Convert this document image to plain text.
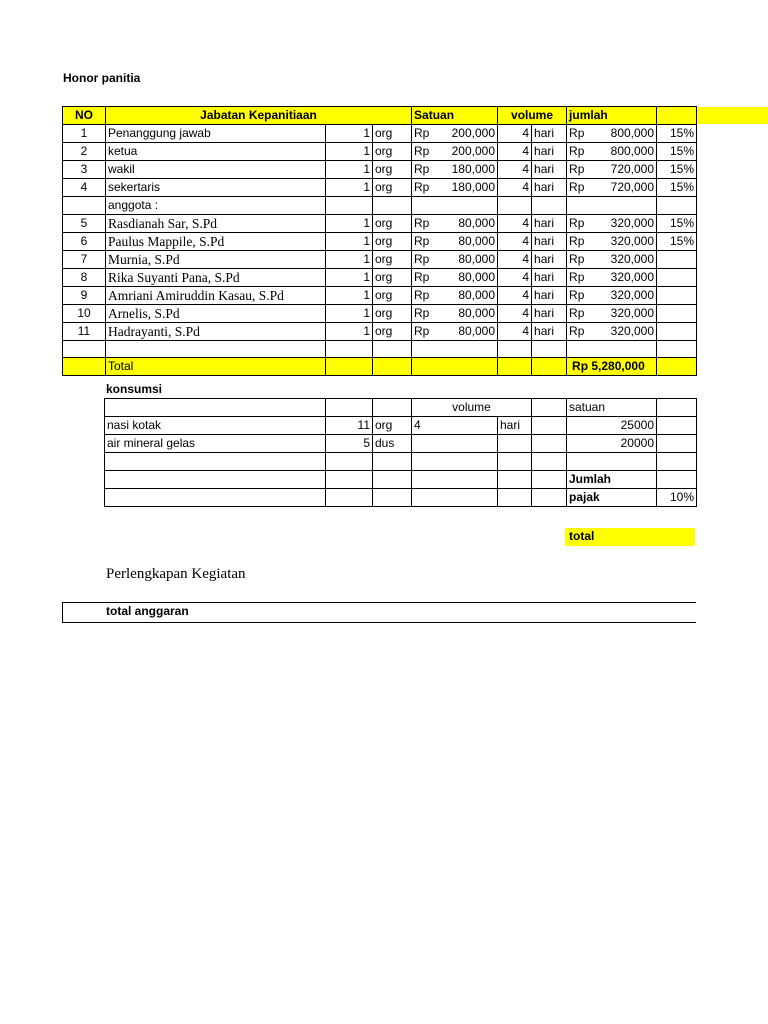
Honor panitia
NO	Jabatan Kepanitiaan			Satuan	volume		jumlah	
1	Penanggung jawab	1	org	Rp 200,000	4	hari	Rp 800,000	15%
2	ketua	1	org	Rp 200,000	4	hari	Rp 800,000	15%
3	wakil	1	org	Rp 180,000	4	hari	Rp 720,000	15%
4	sekertaris	1	org	Rp 180,000	4	hari	Rp 720,000	15%
	anggota :			

5	Rasdianah Sar, S.Pd	1	org	Rp 80,000	4	hari	Rp 320,000	15%
6	Paulus Mappile, S.Pd	1	org	Rp 80,000	4	hari	Rp 320,000	15%
7	Murnia, S.Pd	1	org	Rp 80,000	4	hari	Rp 320,000	

8	Rika Suyanti Pana, S.Pd	1	org	Rp 80,000	4	hari	Rp 320,000	

9	Amriani Amiruddin Kasau, S.Pd	1	org	Rp 80,000	4	hari	Rp 320,000	

10	Arnelis, S.Pd	1	org	Rp 80,000	4	hari	Rp 320,000	

11	Hadrayanti, S.Pd	1	org	Rp 80,000	4	hari	Rp 320,000	

	Total						Rp 5,280,000	
konsumsi
			volume			satuan	
nasi kotak	11	org	4	hari		25000	
air mineral gelas	5	dus				20000	

						Jumlah	
						pajak	10%
total
Perlengkapan Kegiatan
total anggaran
